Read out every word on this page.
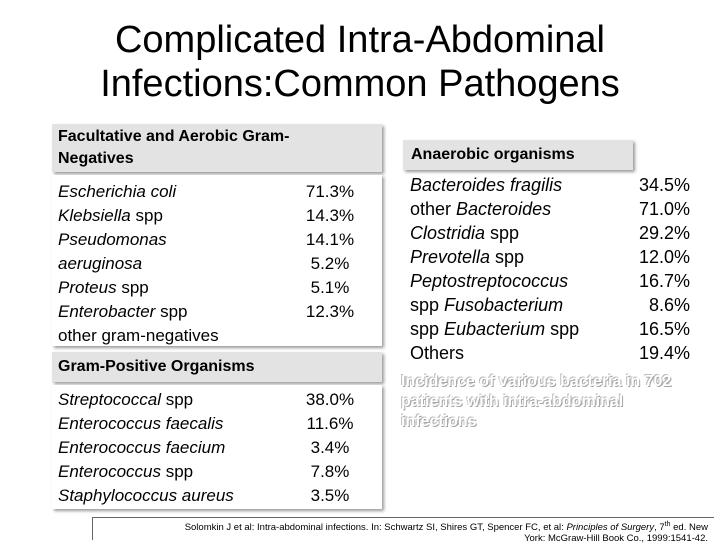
Complicated Intra-Abdominal
Infections:Common Pathogens
Facultative and Aerobic Gram-
Negatives
Escherichia coli
Klebsiella spp
Pseudomonas
aeruginosa
Proteus spp
Enterobacter spp
other gram-negatives
71.3%
14.3%
14.1%
5.2%
5.1%
12.3%
Gram-Positive Organisms
Streptococcal spp
Enterococcus faecalis
Enterococcus faecium
Enterococcus spp
Staphylococcus aureus
38.0%
11.6%
3.4%
7.8%
3.5%
Anaerobic organisms
Bacteroides fragilis
other Bacteroides
Clostridia spp
Prevotella spp
Peptostreptococcus
spp Fusobacterium
spp Eubacterium spp
Others
34.5%
71.0%
29.2%
12.0%
16.7%
8.6%
16.5%
19.4%
Incidence of various bacteria in 702 patients with intra-abdominal infections
Solomkin J et al: Intra-abdominal infections. In: Schwartz SI, Shires GT, Spencer FC, et al: Principles of Surgery, 7th ed. New
York: McGraw-Hill Book Co., 1999:1541-42.
